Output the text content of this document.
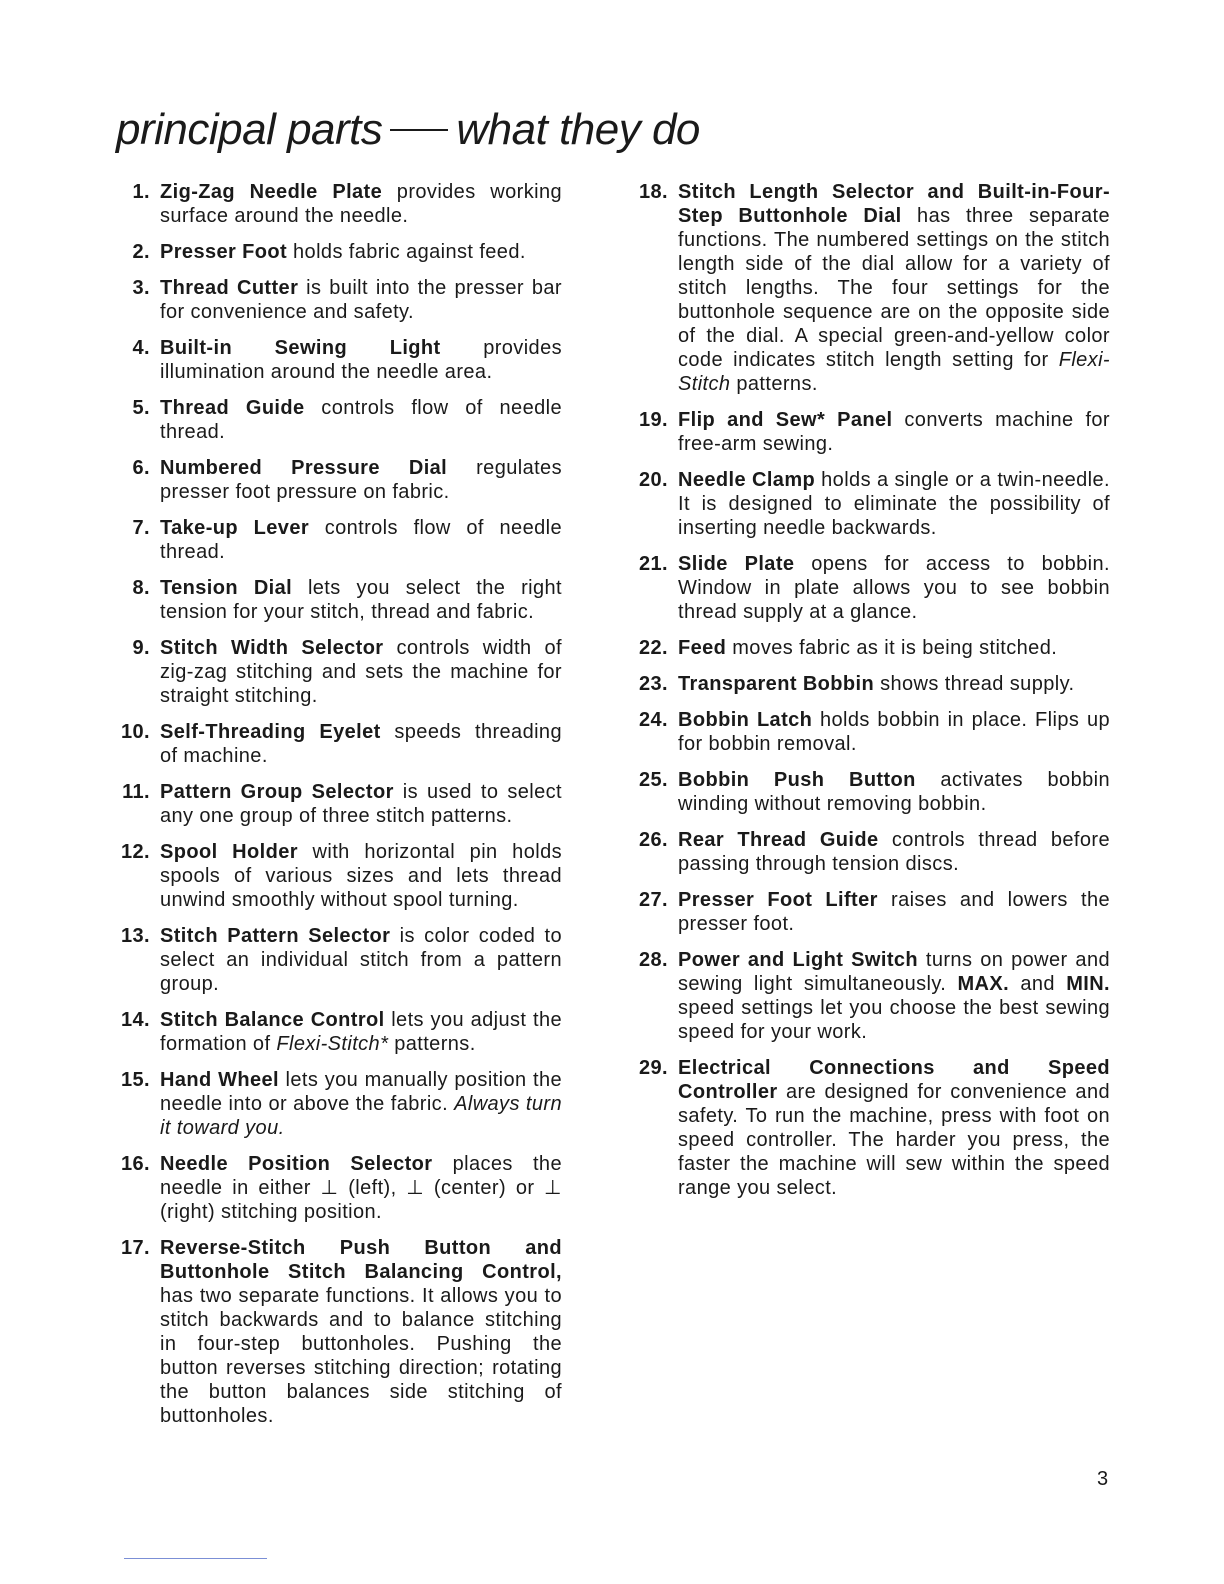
principal parts what they do
1. Zig-Zag Needle Plate provides working surface around the needle.
2. Presser Foot holds fabric against feed.
3. Thread Cutter is built into the presser bar for convenience and safety.
4. Built-in Sewing Light provides illumination around the needle area.
5. Thread Guide controls flow of needle thread.
6. Numbered Pressure Dial regulates presser foot pressure on fabric.
7. Take-up Lever controls flow of needle thread.
8. Tension Dial lets you select the right tension for your stitch, thread and fabric.
9. Stitch Width Selector controls width of zig-zag stitching and sets the machine for straight stitching.
10. Self-Threading Eyelet speeds threading of machine.
11. Pattern Group Selector is used to select any one group of three stitch patterns.
12. Spool Holder with horizontal pin holds spools of various sizes and lets thread unwind smoothly without spool turning.
13. Stitch Pattern Selector is color coded to select an individual stitch from a pattern group.
14. Stitch Balance Control lets you adjust the formation of Flexi-Stitch* patterns.
15. Hand Wheel lets you manually position the needle into or above the fabric. Always turn it toward you.
16. Needle Position Selector places the needle in either ⊥ (left), ⊥ (center) or ⊥ (right) stitching position.
17. Reverse-Stitch Push Button and Buttonhole Stitch Balancing Control, has two separate functions. It allows you to stitch backwards and to balance stitching in four-step buttonholes. Pushing the button reverses stitching direction; rotating the button balances side stitching of buttonholes.
18. Stitch Length Selector and Built-in-Four-Step Buttonhole Dial has three separate functions. The numbered settings on the stitch length side of the dial allow for a variety of stitch lengths. The four settings for the buttonhole sequence are on the opposite side of the dial. A special green-and-yellow color code indicates stitch length setting for Flexi-Stitch patterns.
19. Flip and Sew* Panel converts machine for free-arm sewing.
20. Needle Clamp holds a single or a twin-needle. It is designed to eliminate the possibility of inserting needle backwards.
21. Slide Plate opens for access to bobbin. Window in plate allows you to see bobbin thread supply at a glance.
22. Feed moves fabric as it is being stitched.
23. Transparent Bobbin shows thread supply.
24. Bobbin Latch holds bobbin in place. Flips up for bobbin removal.
25. Bobbin Push Button activates bobbin winding without removing bobbin.
26. Rear Thread Guide controls thread before passing through tension discs.
27. Presser Foot Lifter raises and lowers the presser foot.
28. Power and Light Switch turns on power and sewing light simultaneously. MAX. and MIN. speed settings let you choose the best sewing speed for your work.
29. Electrical Connections and Speed Controller are designed for convenience and safety. To run the machine, press with foot on speed controller. The harder you press, the faster the machine will sew within the speed range you select.
3
